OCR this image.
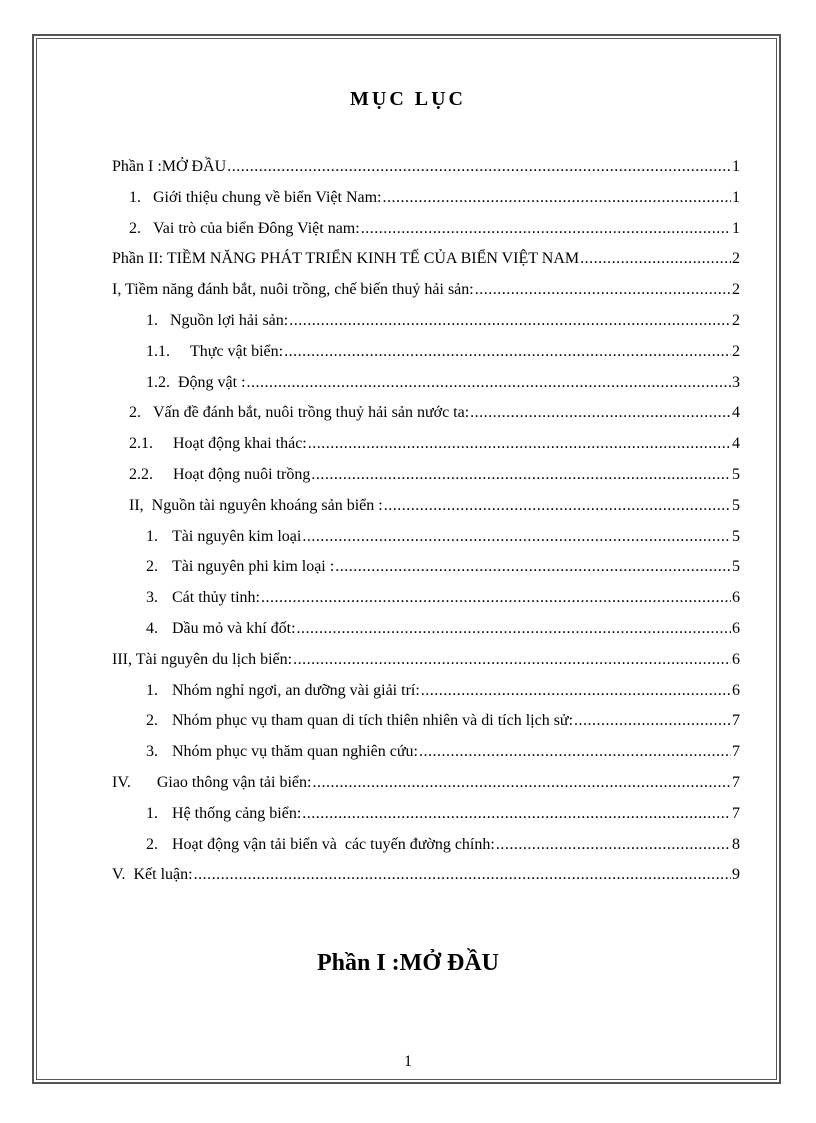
MỤC LỤC
Phần I :MỞ ĐẦU .....	1
1. Giới thiệu chung về biển Việt Nam: .....	1
2. Vai trò của biển Đông Việt nam: .....	1
Phần II: TIỀM NĂNG PHÁT TRIỂN KINH TẾ CỦA BIỂN VIỆT NAM .....	2
I, Tiềm năng đánh bắt, nuôi trồng, chế biến thuỷ hải sản: .....	2
1. Nguồn lợi hải sản: .....	2
1.1. Thực vật biển: .....	2
1.2. Động vật : .....	3
2. Vấn đề đánh bắt, nuôi trồng thuỷ hải sản nước ta: .....	4
2.1. Hoạt động khai thác: .....	4
2.2. Hoạt động nuôi trồng .....	5
II,  Nguồn tài nguyên khoáng sản biển : .....	5
1. Tài nguyên kim loại .....	5
2. Tài nguyên phi kim loại : .....	5
3. Cát thủy tinh: .....	6
4. Dầu mỏ và khí đốt: .....	6
III, Tài nguyên du lịch biển: .....	6
1. Nhóm nghỉ ngơi, an dưỡng vài giải trí: .....	6
2. Nhóm phục vụ tham quan di tích thiên nhiên và di tích lịch sử: .....	7
3. Nhóm phục vụ thăm quan nghiên cứu: .....	7
IV. Giao thông vận tải biển: .....	7
1. Hệ thống cảng biển: .....	7
2. Hoạt động vận tải biển và  các tuyến đường chính: .....	8
V. Kết luận: .....	9
Phần I :MỞ ĐẦU
1
